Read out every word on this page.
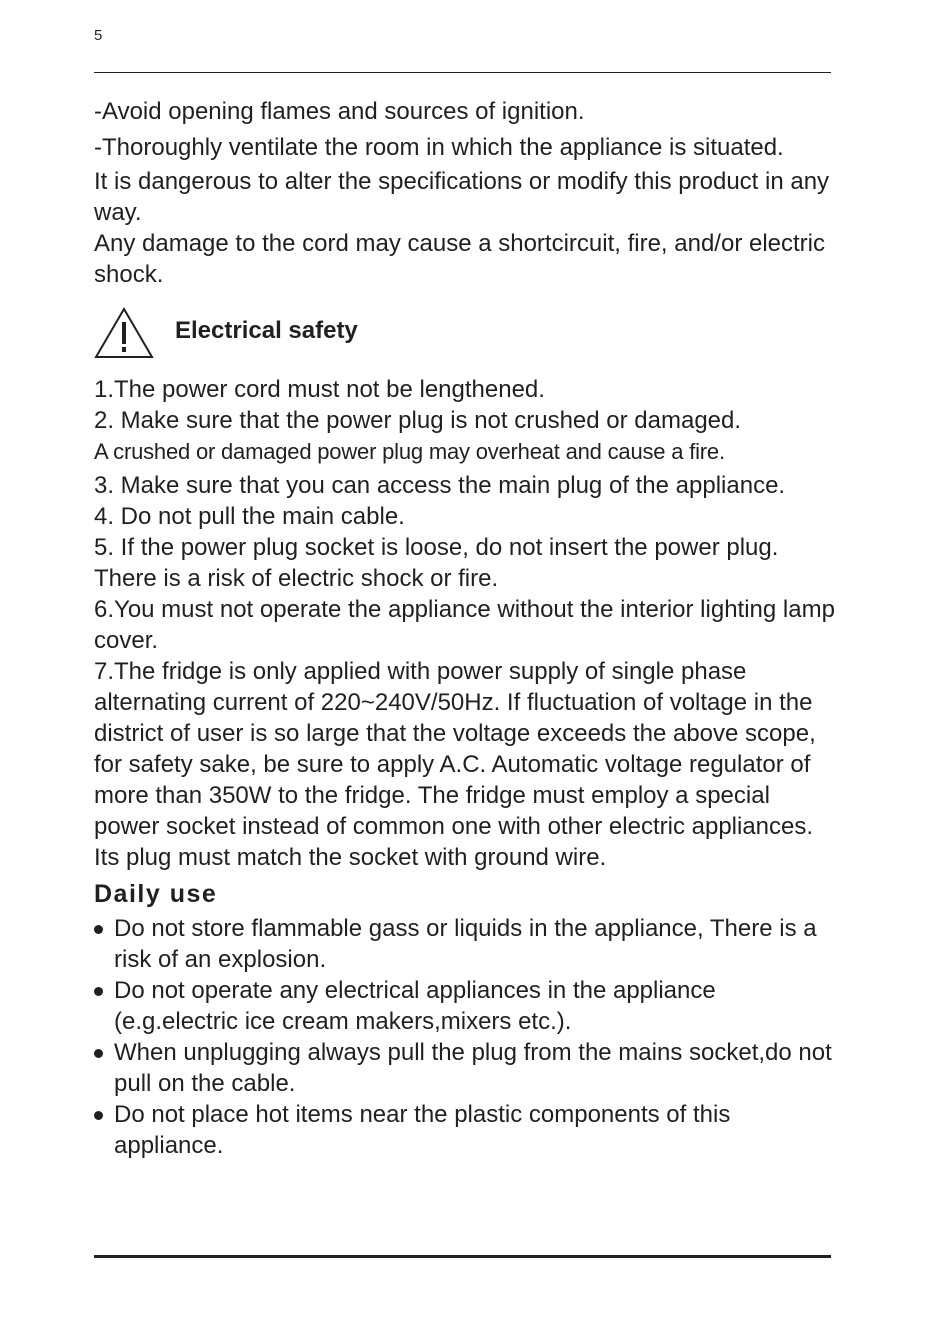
5

-Avoid opening flames and sources of ignition.

-Thoroughly ventilate the room in which the appliance is situated.

It is dangerous to alter the specifications or modify this product in any way.

Any damage to the cord may cause a shortcircuit, fire, and/or electric shock.

Electrical safety

1.The power cord must not be lengthened.

2. Make sure that the power plug is not crushed or damaged.

A crushed or damaged power plug may overheat and cause a fire.

3. Make sure that you can access the main plug of the appliance.

4. Do not pull the main cable.

5. If the power plug socket is loose, do not insert the power plug. There is a risk of electric shock or fire.

6.You must not operate the appliance without the interior lighting lamp cover.

7.The fridge is only applied with power supply of single phase alternating current of 220~240V/50Hz. If fluctuation of voltage in the district of user is so large that the voltage exceeds the above scope, for safety sake, be sure to apply A.C. Automatic voltage regulator of more than 350W to the fridge. The fridge must employ a special power socket instead of common one with other electric appliances. Its plug must match the socket with ground wire.

Daily use

Do not store flammable gass or liquids in the appliance, There is a risk of an explosion.
Do not operate any electrical appliances in the appliance (e.g.electric ice cream makers,mixers etc.).
When unplugging always pull the plug from the mains socket,do not pull on the cable.
Do not place hot items near the plastic components of this appliance.
